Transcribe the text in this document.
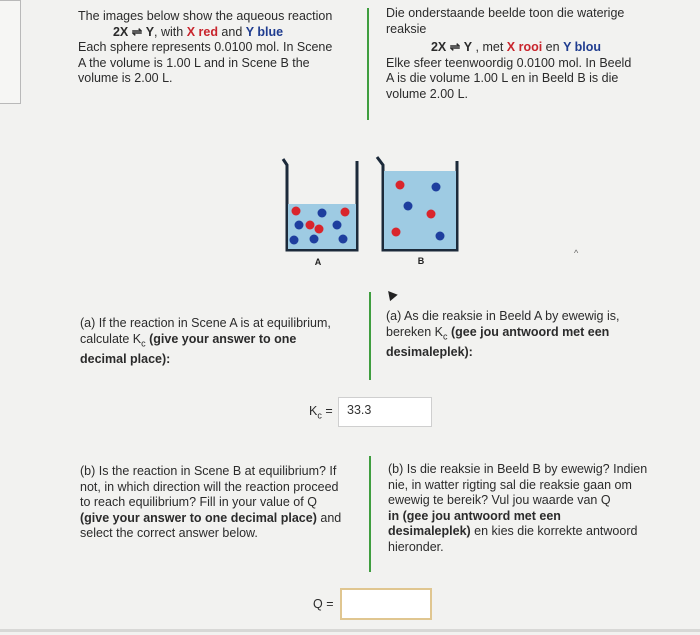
The images below show the aqueous reaction
2X ⇌ Y, with X red and Y blue
Each sphere represents 0.0100 mol. In Scene
A the volume is 1.00 L and in Scene B the
volume is 2.00 L.
Die onderstaande beelde toon die waterige
reaksie
2X ⇌ Y , met X rooi en Y blou
Elke sfeer teenwoordig 0.0100 mol. In Beeld
A is die volume 1.00 L en in Beeld B is die
volume 2.00 L.
A	B
^
(a) If the reaction in Scene A is at equilibrium,
calculate $K_c$ (give your answer to one
decimal place):
(a) As die reaksie in Beeld A by ewewig is,
bereken $K_c$ (gee jou antwoord met een
desimaleplek):
$K_c$ =	33.3
(b) Is the reaction in Scene B at equilibrium? If
not, in which direction will the reaction proceed
to reach equilibrium? Fill in your value of Q
(give your answer to one decimal place) and
select the correct answer below.
(b) Is die reaksie in Beeld B by ewewig? Indien
nie, in watter rigting sal die reaksie gaan om
ewewig te bereik? Vul jou waarde van Q
in (gee jou antwoord met een
desimaleplek) en kies die korrekte antwoord
hieronder.
Q =
